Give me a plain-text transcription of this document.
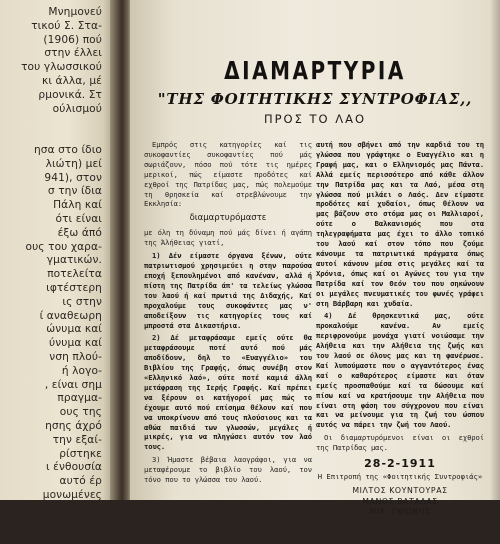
Μνημονεύ
τικού Σ. Στα-
(1906) πού
στην έλλει
του γλωσσικού
κι άλλα, μέ
ρμονικά. Στ
ούλισμού
ησα στο ίδιο
λιώτη) μεί
941), στον
σ την ίδια
Πάλη καί
ότι είναι
έξω άπό
ους του χαρα-
γματικών.
ποτελείτα
ιφτέστερη
ις στην
ί αναθεωρη
ώνυμα καί
ύνυμα καί
νση πλού-
ή λογο-
, είναι σημ
πραγμα-
ους της
ησης άχρό
την εξαί-
ρίστηκε
ι ένθουσία
αυτό έρ
μονωμένες
ς από ένα
ούσειε
ΔΙΑΜΑΡΤΥΡΙΑ
"ΤΗΣ ΦΟΙΤΗΤΙΚΗΣ ΣΥΝΤΡΟΦΙΑΣ,,
ΠΡΟΣ ΤΟ ΛΑΟ

Εμπρός στις κατηγορίες καί τις συκοφαντίες συκοφαντίες πού μάς σωριάζουν, πόσο πού τότε τις ημέρες μερικοί, πώς είμαστε προδότες καί εχθροί της Πατρίδας μας, πώς πολεμούμε τη θρησκεία καί στρεβλώνουμε την Εκκλησία:

διαμαρτυρόμαστε

με όλη τη δύναμη πού μάς δίνει ή αγάπη της Άλήθειας γιατί,

1) Δέν είμαστε όργανα ξένων, ούτε πατριωτισμού χρησιμεύει η στην παρούσα εποχή ξεπουλημένοι από κανέναν, αλλά ή πίστη της Πατρίδα άπ' τα τελείως γλώσσα του λαού ή καί πρωτιά της Διδαχής, Καί προχαλούμε τους συκοφάντες μας ν' αποδείξουν τις κατηγορίες τους καί μπροστά στα Δικαστήρια.

2) Δέ μεταφράσαμε εμείς ούτε θα μεταφράσουμε ποτέ αυτό πού μάς αποδίδουν, δηλ το «Ευαγγέλιο» του Βιβλίου της Γραφής, όπως συνέβη στον «Ελληνικό λαό», ούτε ποτέ καμιά άλλη μετάφραση της Ιερής Γραφής. Καί πρέπει να ξέρουν οι κατήγοροί μας πώς το έχουμε αυτό πού επίσημα θέλουν καί που να υποκρίνουν από τους πλούσιους και τα αθώα παιδιά των γλωσσών, μεγάλες ή μικρές, για να πληγώσει αυτόν τον λαό τους.

3) Ήμαστε βέβαια λαογράφοι, για να μεταφέρουμε το βιβλίο του λαού, τον τόνο που το γλώσσα του λαού.

αυτή που σβήνει από την καρδιά του τη γλώσσα που γράφτηκε ο Ευαγγέλιο και η Γραφή μας, και ο Ελληνισμός μας Πάντα. Αλλά εμείς περισσότερο από κάθε άλλον την Πατρίδα μας και τα Λαό, μέσα στη γλώσσα πού μιλάει ο Λαός. Δεν είμαστε προδότες καί χυδαίοι, όπως θέλουν να μας βάζουν στο στόμα μας οι Μαλλιαροί, ούτε ο Βαλκανισμός που στα τηλεγραφήματα μας έχει το άλλο τοπικό του λαού καί στον τόπο που ζούμε κάνουμε τα πατριωτικά πράγματα όπως αυτοί κάνουν μέσα στις μεγάλες καί τα Χρόνια, όπως καί οι Αγώνες του για την Πατρίδα καί τον Θεόν του που σηκώνουν οι μεγάλες πνευματικές του φωνές γράφει στη Βάρβαρη και χυδαία.

4) Δέ θρησκευτικά μας, ούτε προκαλούμε κανένα. Αν εμείς περιφρονούμε μονάχα γιατί νοιώσαμε την Αλήθεια και την Αλήθεια της ζωής και του λαού σε όλους μας και τη φανέρωσε. Καί λυπούμαστε που ο αγγαντότερος ένας καί ο καθαρότερος είμαστε και όταν εμείς προσπαθούμε καί τα δώσουμε καί πίσω καί να κρατήσουμε την Αλήθεια που είναι στη φάση του σύγχρονου που είναι και να μείνουμε για τη ζωή του ώσπου αυτός να πάρει την ζωή του Λαού.

Οι διαμαρτυρόμενοι είναι οι εχθροί της Πατρίδας μας.

28-2-1911
Η Επιτροπή της «Φοιτητικής Συντροφιάς»
ΜΙΛΤΟΣ ΚΟΥΝΤΟΥΡΑΣ
ΜΑΝΟΣ ΒΑΤΑΛΑΣ
ΜΙΧ. ΓΚΙΩΝΗΣ
